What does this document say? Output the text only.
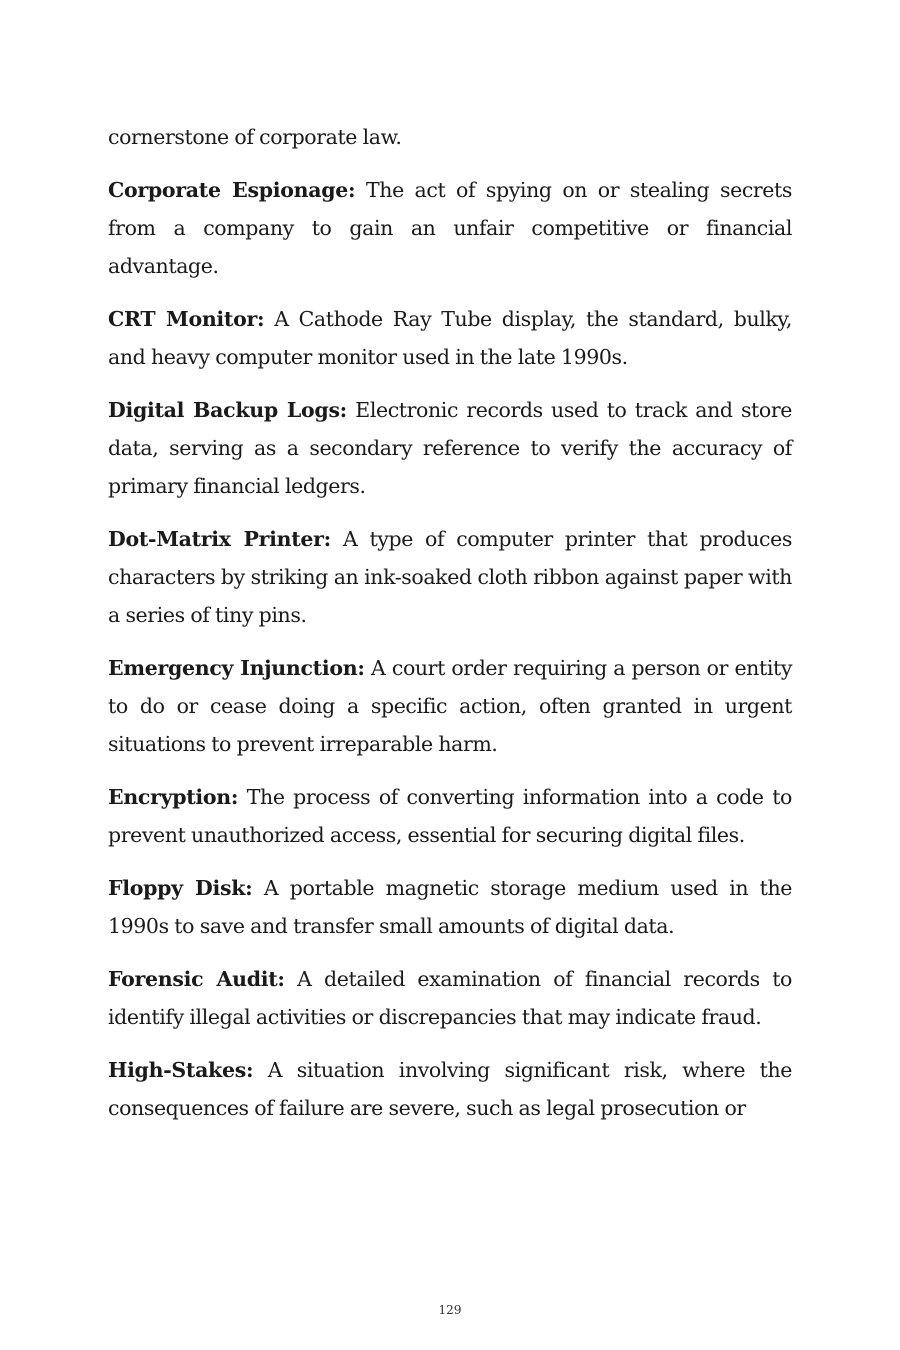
cornerstone of corporate law.

Corporate Espionage: The act of spying on or stealing secrets from a company to gain an unfair competitive or financial advantage.

CRT Monitor: A Cathode Ray Tube display, the standard, bulky, and heavy computer monitor used in the late 1990s.

Digital Backup Logs: Electronic records used to track and store data, serving as a secondary reference to verify the accuracy of primary financial ledgers.

Dot-Matrix Printer: A type of computer printer that produces characters by striking an ink-soaked cloth ribbon against paper with a series of tiny pins.

Emergency Injunction: A court order requiring a person or entity to do or cease doing a specific action, often granted in urgent situations to prevent irreparable harm.

Encryption: The process of converting information into a code to prevent unauthorized access, essential for securing digital files.

Floppy Disk: A portable magnetic storage medium used in the 1990s to save and transfer small amounts of digital data.

Forensic Audit: A detailed examination of financial records to identify illegal activities or discrepancies that may indicate fraud.

High-Stakes: A situation involving significant risk, where the consequences of failure are severe, such as legal prosecution or

129
